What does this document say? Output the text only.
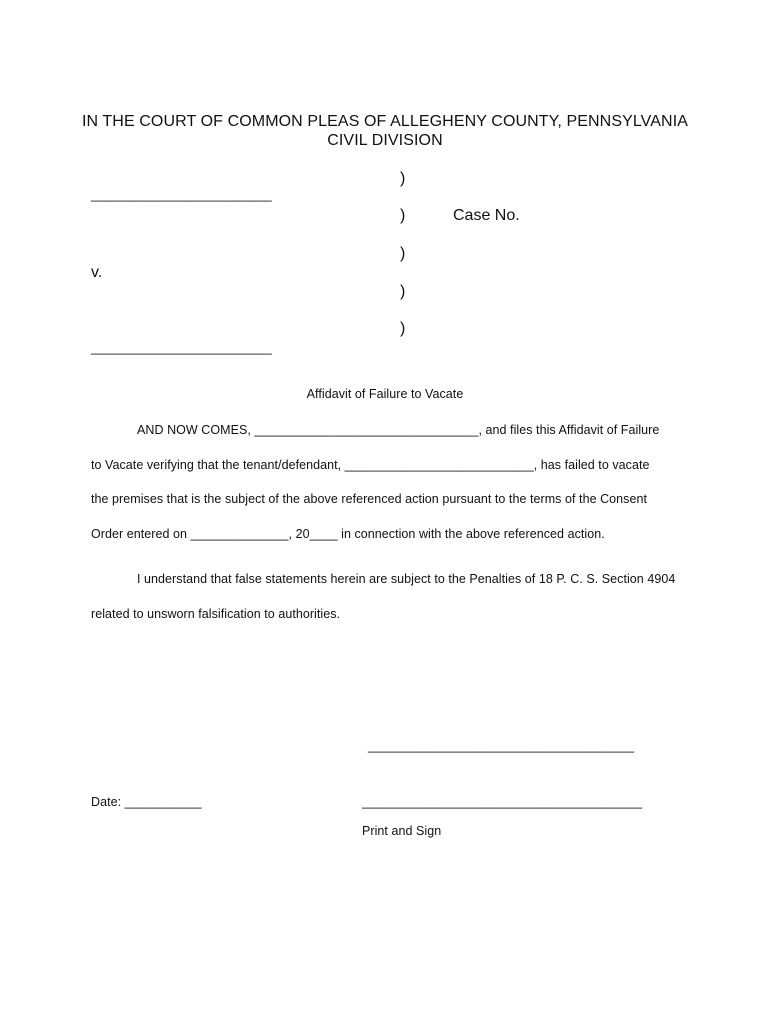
IN THE COURT OF COMMON PLEAS OF ALLEGHENY COUNTY, PENNSYLVANIA
CIVIL DIVISION
)
)
)
)
)
_________________________
Case No.
v.
_________________________
Affidavit of Failure to Vacate
AND NOW COMES, ________________________________, and files this Affidavit of Failure
to Vacate verifying that the tenant/defendant, ___________________________, has failed to vacate
the premises that is the subject of the above referenced action pursuant to the terms of the Consent
Order entered on ______________, 20____ in connection with the above referenced action.
I understand that false statements herein are subject to the Penalties of 18 P. C. S. Section 4904
related to unsworn falsification to authorities.
______________________________________
Date: ___________	________________________________________
Print and Sign
